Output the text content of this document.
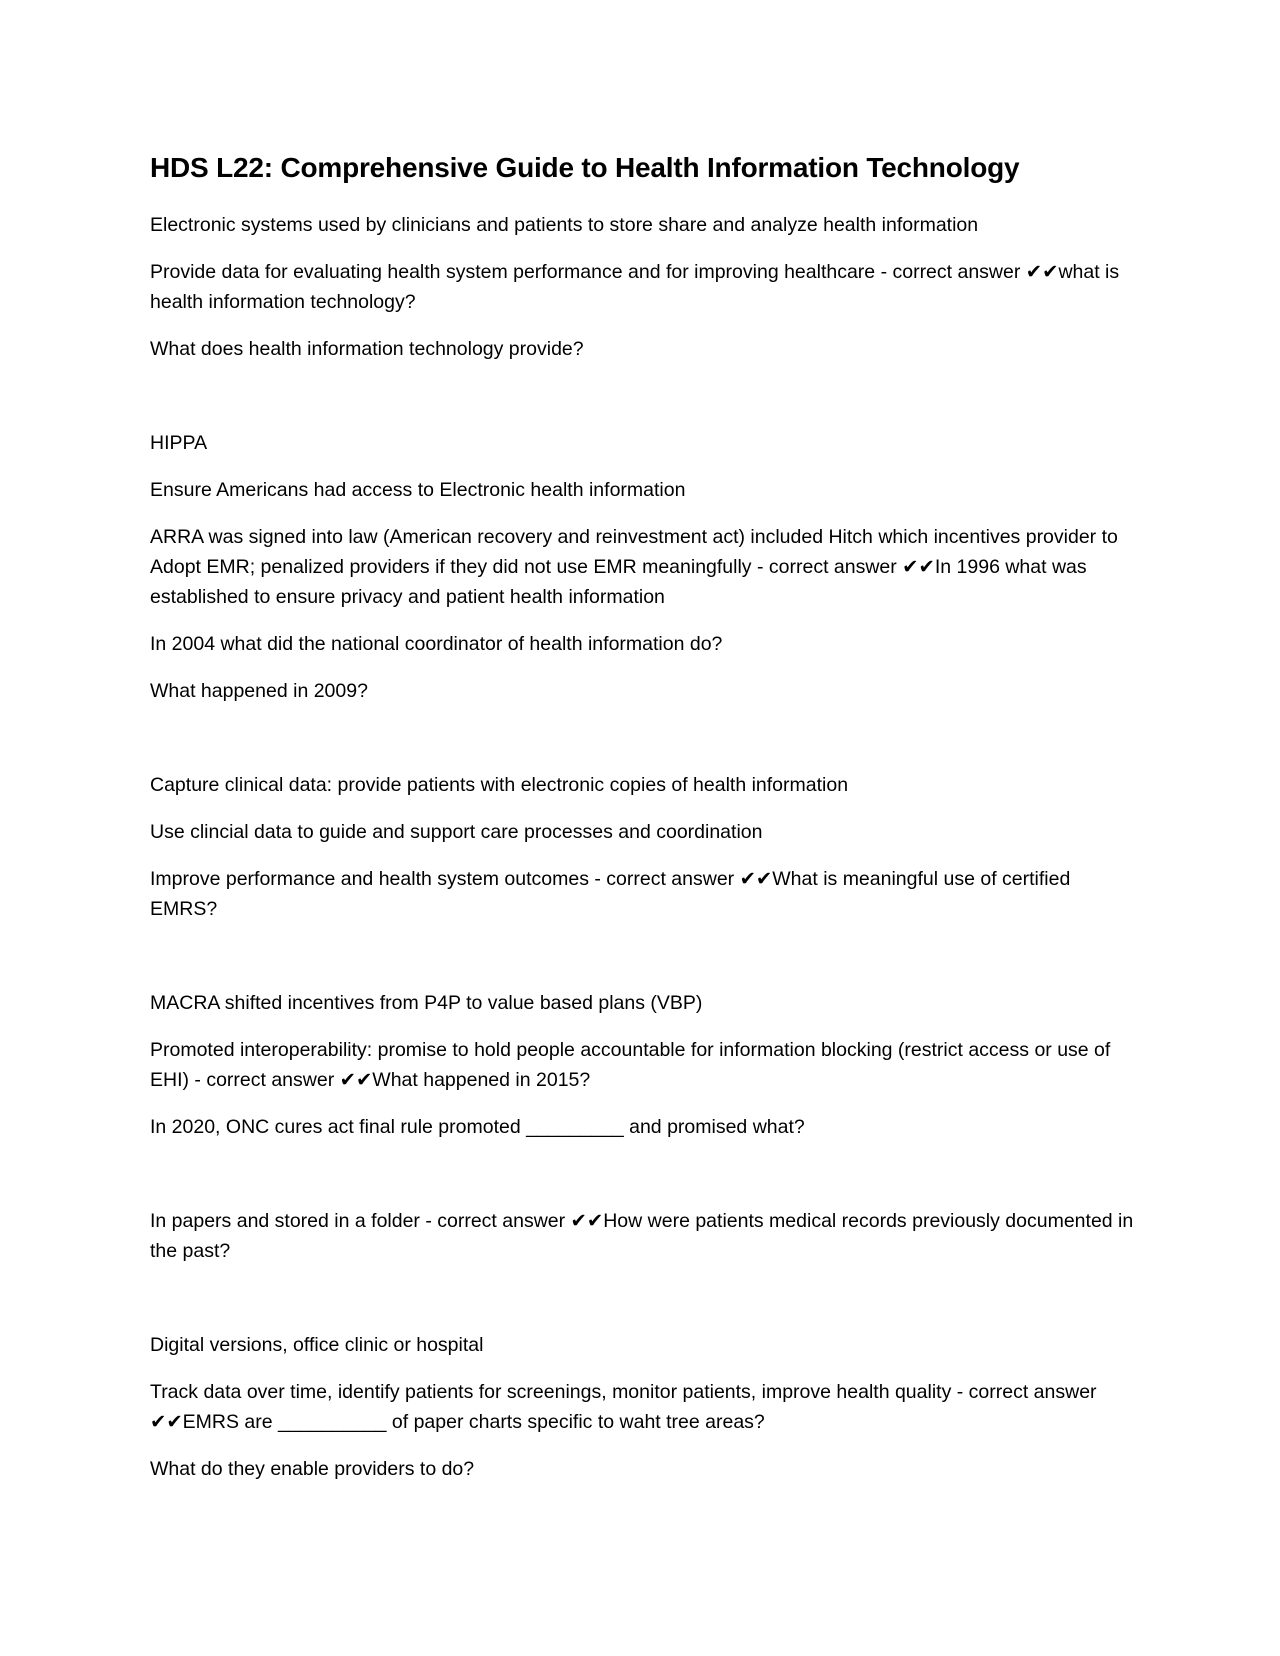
HDS L22: Comprehensive Guide to Health Information Technology

Electronic systems used by clinicians and patients to store share and analyze health information

Provide data for evaluating health system performance and for improving healthcare - correct answer ✔✔what is health information technology?

What does health information technology provide?

HIPPA

Ensure Americans had access to Electronic health information

ARRA was signed into law (American recovery and reinvestment act) included Hitch which incentives provider to Adopt EMR; penalized providers if they did not use EMR meaningfully - correct answer ✔✔In 1996 what was established to ensure privacy and patient health information

In 2004 what did the national coordinator of health information do?

What happened in 2009?

Capture clinical data: provide patients with electronic copies of health information

Use clincial data to guide and support care processes and coordination

Improve performance and health system outcomes - correct answer ✔✔What is meaningful use of certified EMRS?

MACRA shifted incentives from P4P to value based plans (VBP)

Promoted interoperability: promise to hold people accountable for information blocking (restrict access or use of EHI) - correct answer ✔✔What happened in 2015?

In 2020, ONC cures act final rule promoted _________ and promised what?

In papers and stored in a folder - correct answer ✔✔How were patients medical records previously documented in the past?

Digital versions, office clinic or hospital

Track data over time, identify patients for screenings, monitor patients, improve health quality - correct answer ✔✔EMRS are __________ of paper charts specific to waht tree areas?

What do they enable providers to do?
